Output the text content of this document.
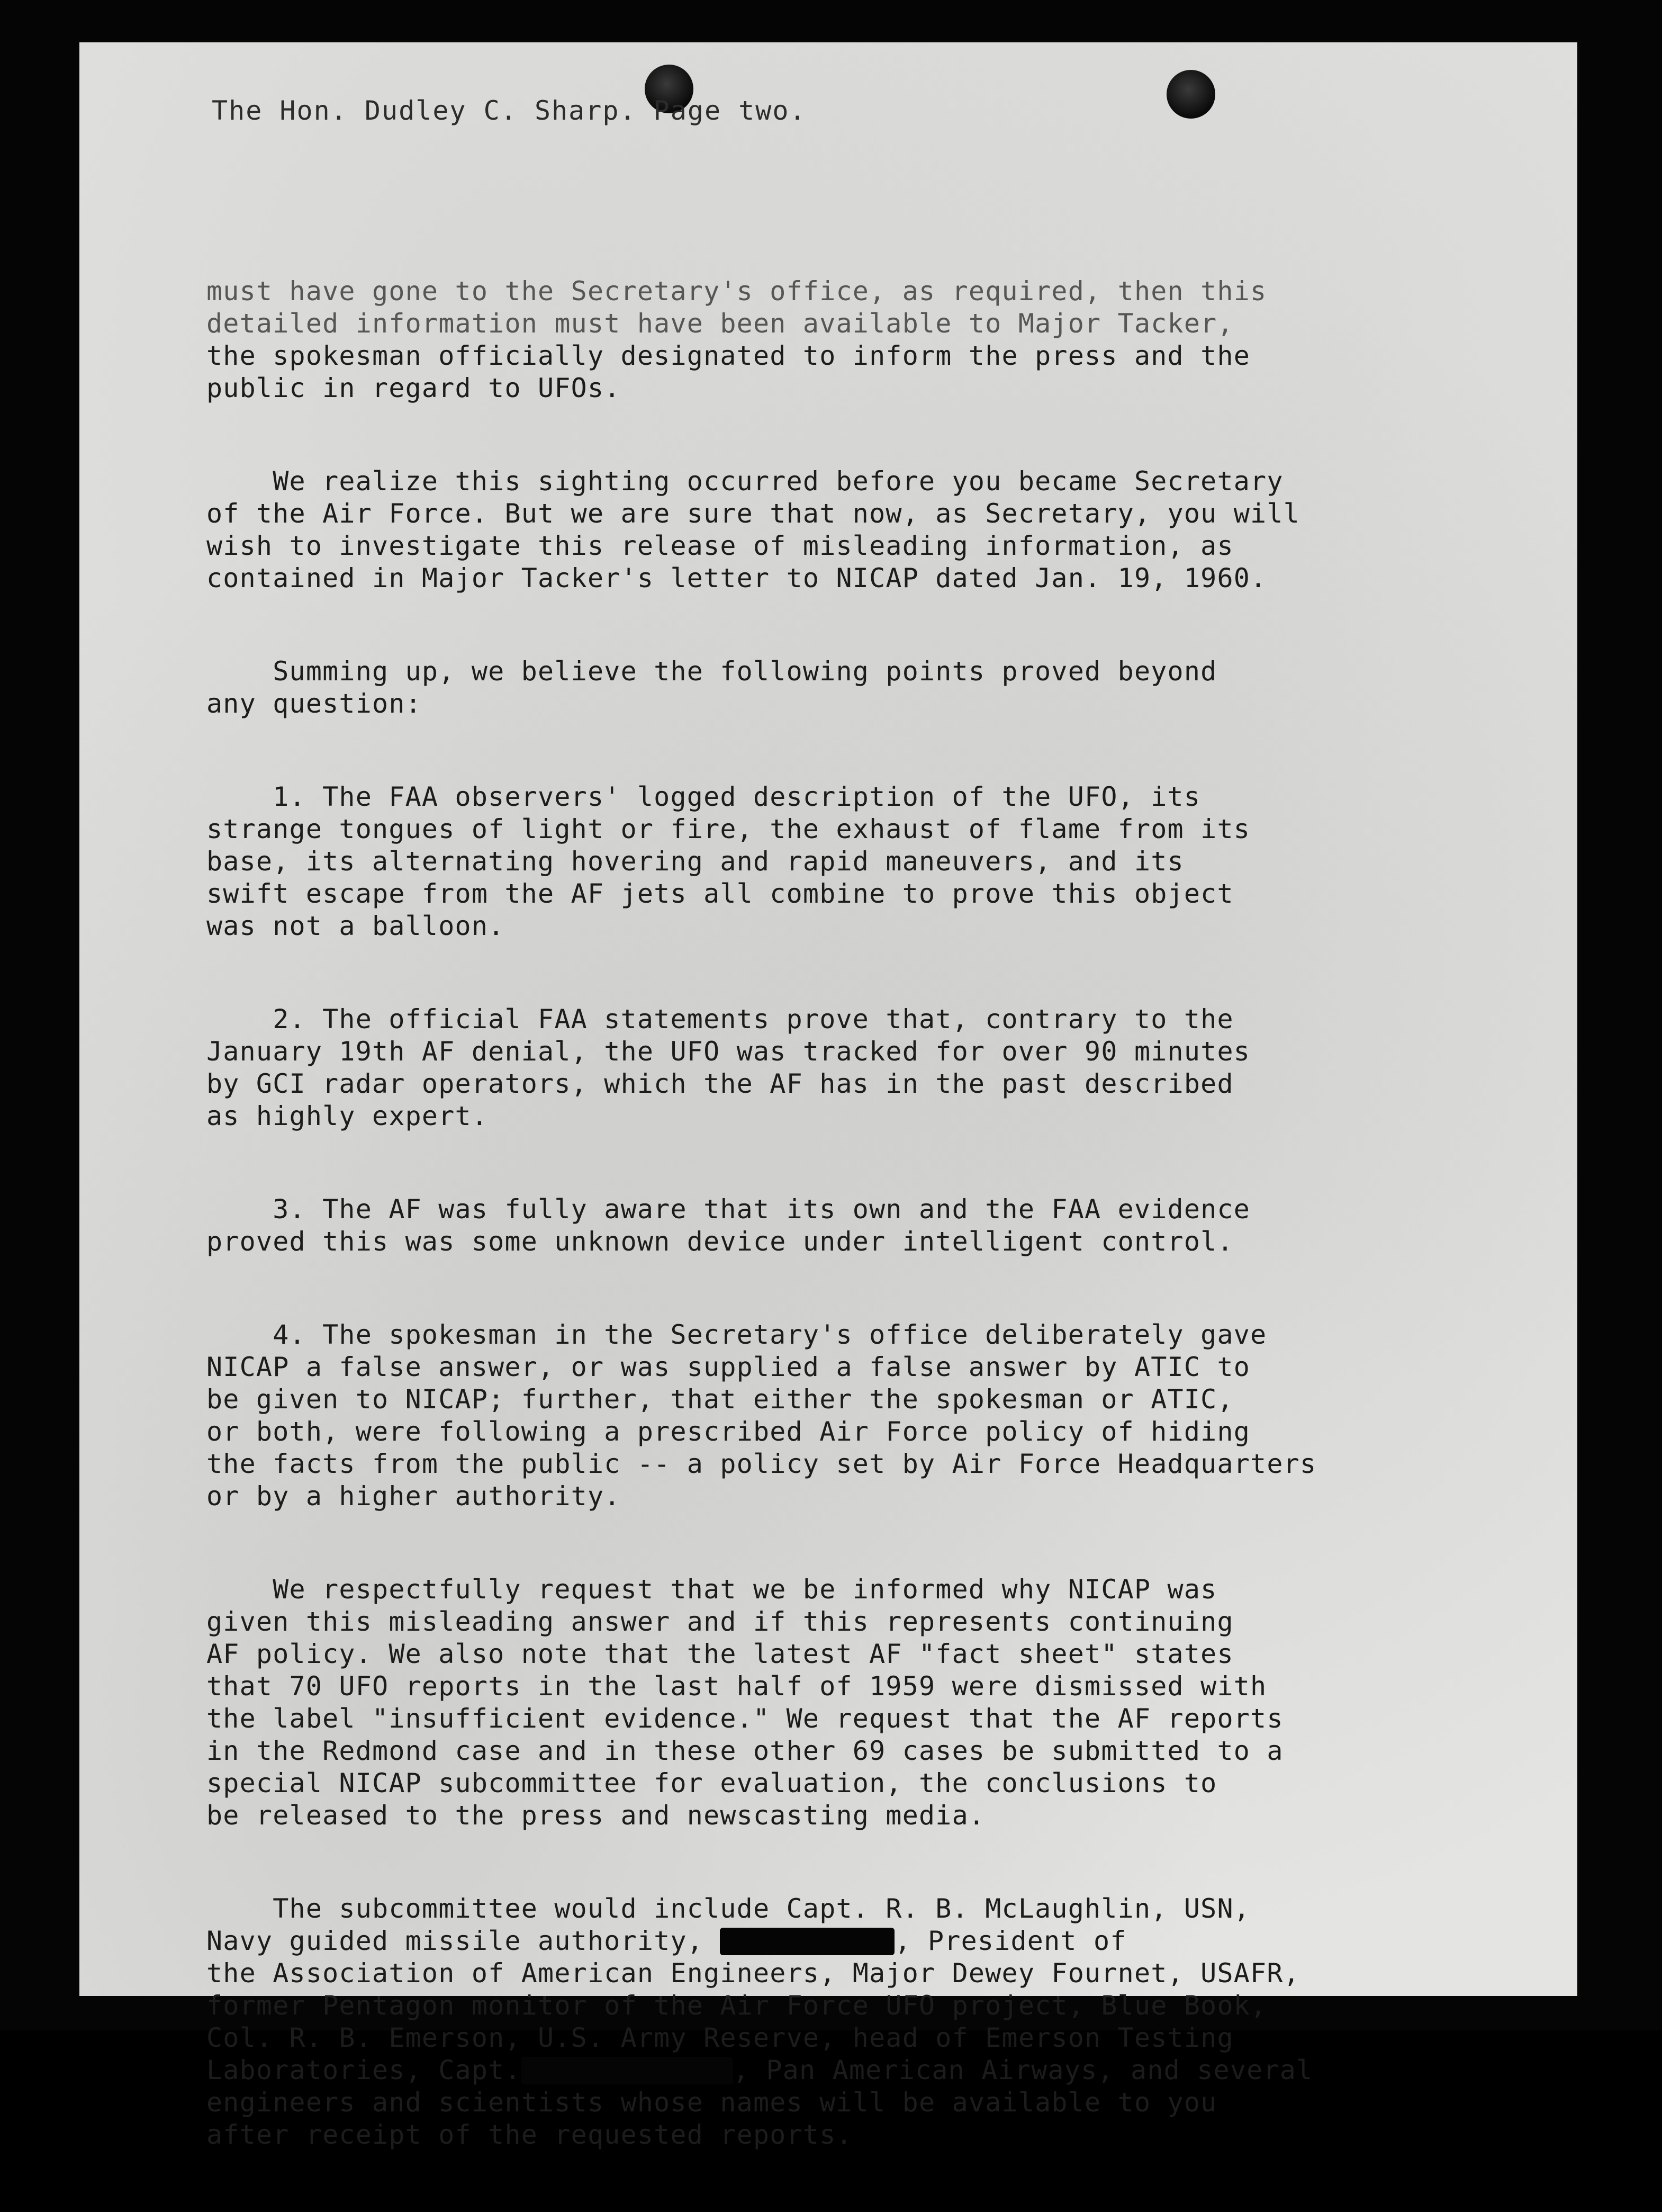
The Hon. Dudley C. Sharp. Page two.
must have gone to the Secretary's office, as required, then this
detailed information must have been available to Major Tacker,
the spokesman officially designated to inform the press and the
public in regard to UFOs.
We realize this sighting occurred before you became Secretary
of the Air Force. But we are sure that now, as Secretary, you will
wish to investigate this release of misleading information, as
contained in Major Tacker's letter to NICAP dated Jan. 19, 1960.
Summing up, we believe the following points proved beyond
any question:
1. The FAA observers' logged description of the UFO, its
strange tongues of light or fire, the exhaust of flame from its
base, its alternating hovering and rapid maneuvers, and its
swift escape from the AF jets all combine to prove this object
was not a balloon.
2. The official FAA statements prove that, contrary to the
January 19th AF denial, the UFO was tracked for over 90 minutes
by GCI radar operators, which the AF has in the past described
as highly expert.
3. The AF was fully aware that its own and the FAA evidence
proved this was some unknown device under intelligent control.
4. The spokesman in the Secretary's office deliberately gave
NICAP a false answer, or was supplied a false answer by ATIC to
be given to NICAP; further, that either the spokesman or ATIC,
or both, were following a prescribed Air Force policy of hiding
the facts from the public -- a policy set by Air Force Headquarters
or by a higher authority.
We respectfully request that we be informed why NICAP was
given this misleading answer and if this represents continuing
AF policy. We also note that the latest AF "fact sheet" states
that 70 UFO reports in the last half of 1959 were dismissed with
the label "insufficient evidence." We request that the AF reports
in the Redmond case and in these other 69 cases be submitted to a
special NICAP subcommittee for evaluation, the conclusions to
be released to the press and newscasting media.
The subcommittee would include Capt. R. B. McLaughlin, USN,
Navy guided missile authority,	, President of
the Association of American Engineers, Major Dewey Fournet, USAFR,
former Pentagon monitor of the Air Force UFO project, Blue Book,
Col. R. B. Emerson, U.S. Army Reserve, head of Emerson Testing
Laboratories, Capt.	, Pan American Airways, and several
engineers and scientists whose names will be available to you
after receipt of the requested reports.
